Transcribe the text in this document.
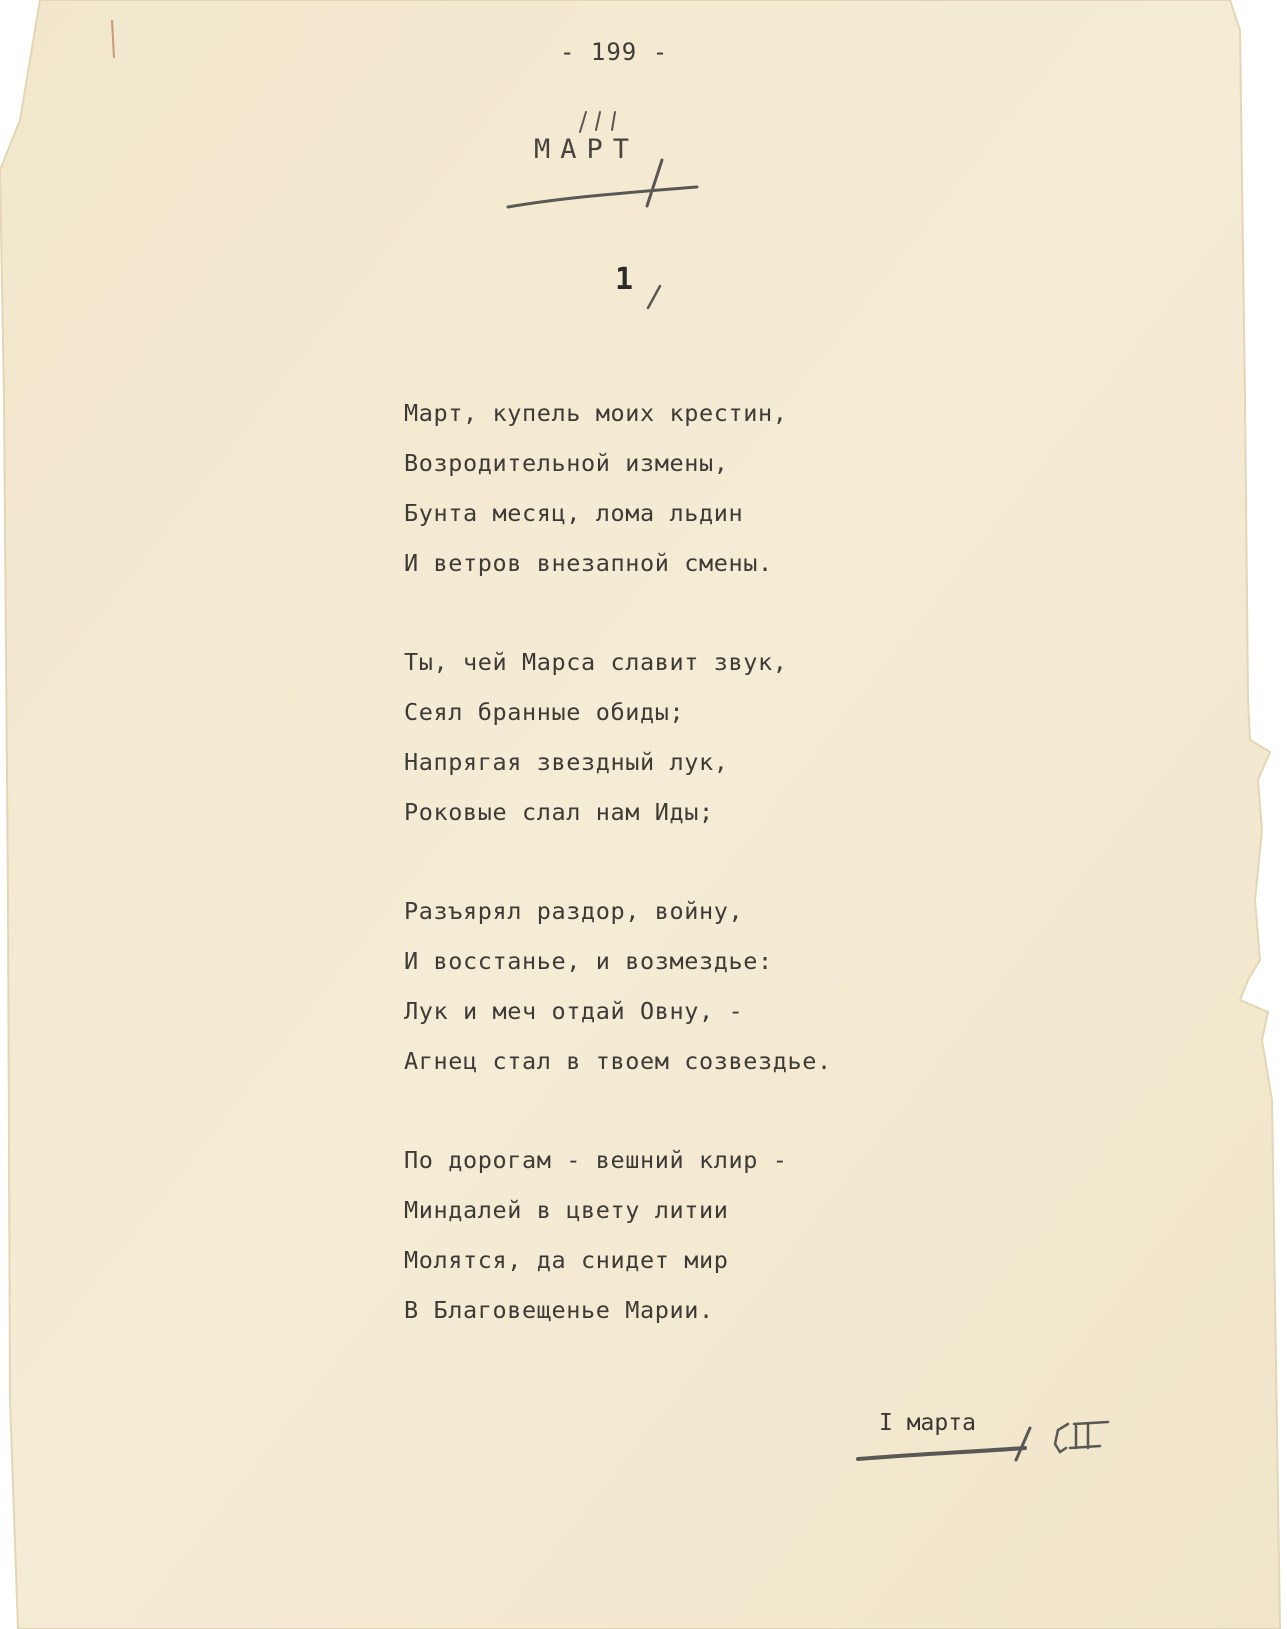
- 199 -
МАРТ
1
Март, купель моих крестин,
Возродительной измены,
Бунта месяц, лома льдин
И ветров внезапной смены.
Ты, чей Марса славит звук,
Сеял бранные обиды;
Напрягая звездный лук,
Роковые слал нам Иды;
Разъярял раздор, войну,
И восстанье, и возмездье:
Лук и меч отдай Овну, -
Агнец стал в твоем созвездье.
По дорогам - вешний клир -
Миндалей в цвету литии
Молятся, да снидет мир
В Благовещенье Марии.
I марта
